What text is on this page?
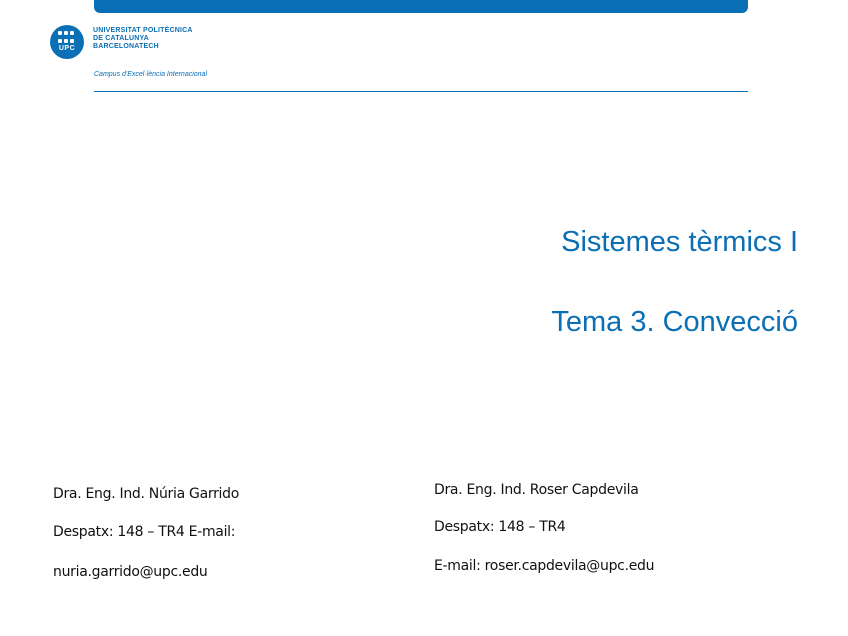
UPC
UNIVERSITAT POLITÈCNICA
DE CATALUNYA
BARCELONATECH
Campus d'Excel·lència Internacional
Sistemes tèrmics I
Tema 3. Convecció
Dra. Eng. Ind. Núria Garrido
Despatx: 148 – TR4 E-mail:
nuria.garrido@upc.edu
Dra. Eng. Ind. Roser Capdevila
Despatx: 148 – TR4
E-mail: roser.capdevila@upc.edu
